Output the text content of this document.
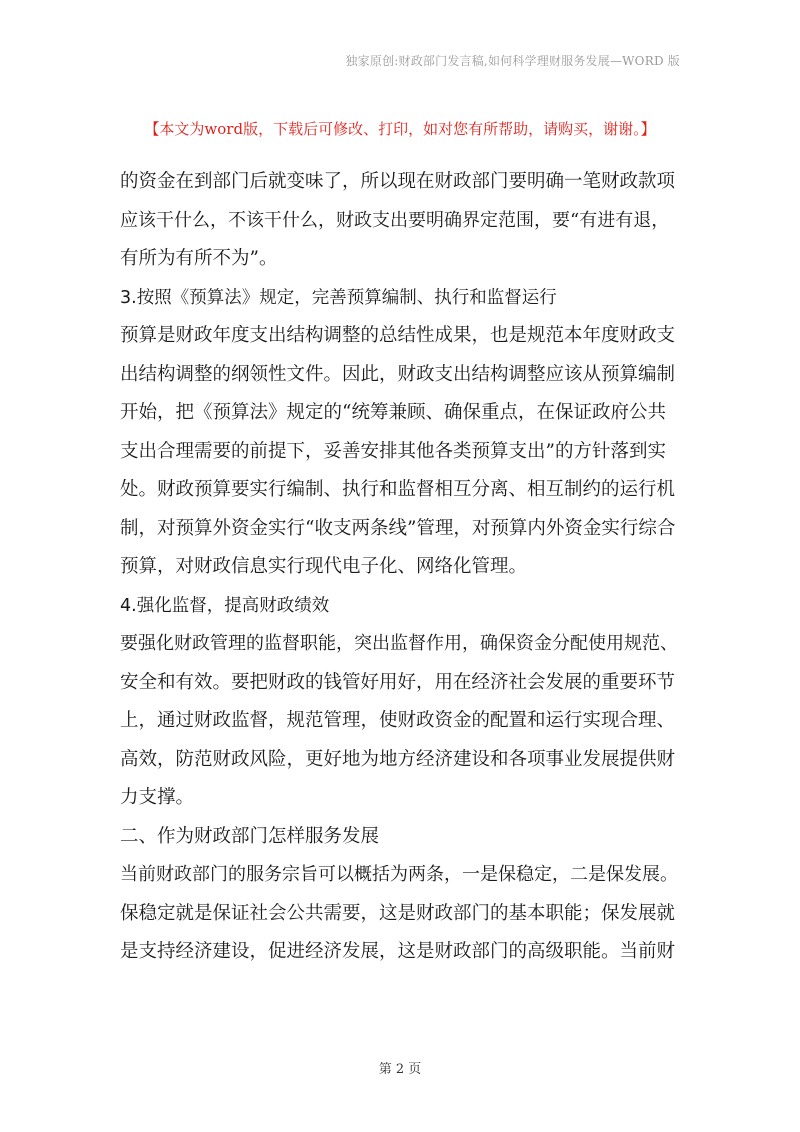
独家原创:财政部门发言稿,如何科学理财服务发展—WORD 版
【本文为word版，下载后可修改、打印，如对您有所帮助，请购买，谢谢。】
的资金在到部门后就变味了，所以现在财政部门要明确一笔财政款项
应该干什么，不该干什么，财政支出要明确界定范围，要“有进有退，
有所为有所不为”。
3.按照《预算法》规定，完善预算编制、执行和监督运行
预算是财政年度支出结构调整的总结性成果，也是规范本年度财政支
出结构调整的纲领性文件。因此，财政支出结构调整应该从预算编制
开始，把《预算法》规定的“统筹兼顾、确保重点，在保证政府公共
支出合理需要的前提下，妥善安排其他各类预算支出”的方针落到实
处。财政预算要实行编制、执行和监督相互分离、相互制约的运行机
制，对预算外资金实行“收支两条线”管理，对预算内外资金实行综合
预算，对财政信息实行现代电子化、网络化管理。
4.强化监督，提高财政绩效
要强化财政管理的监督职能，突出监督作用，确保资金分配使用规范、
安全和有效。要把财政的钱管好用好，用在经济社会发展的重要环节
上，通过财政监督，规范管理，使财政资金的配置和运行实现合理、
高效，防范财政风险，更好地为地方经济建设和各项事业发展提供财
力支撑。
二、作为财政部门怎样服务发展
当前财政部门的服务宗旨可以概括为两条，一是保稳定，二是保发展。
保稳定就是保证社会公共需要，这是财政部门的基本职能；保发展就
是支持经济建设，促进经济发展，这是财政部门的高级职能。当前财
第 2 页
